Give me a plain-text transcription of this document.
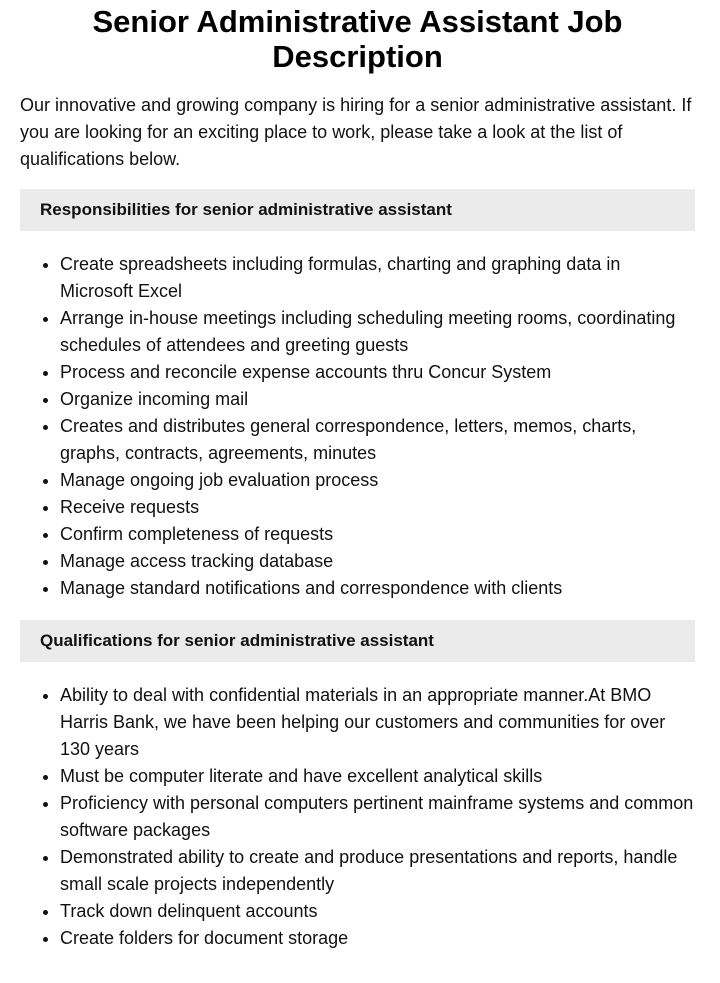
Senior Administrative Assistant Job Description

Our innovative and growing company is hiring for a senior administrative assistant. If you are looking for an exciting place to work, please take a look at the list of qualifications below.

Responsibilities for senior administrative assistant
• Create spreadsheets including formulas, charting and graphing data in Microsoft Excel
• Arrange in-house meetings including scheduling meeting rooms, coordinating schedules of attendees and greeting guests
• Process and reconcile expense accounts thru Concur System
• Organize incoming mail
• Creates and distributes general correspondence, letters, memos, charts, graphs, contracts, agreements, minutes
• Manage ongoing job evaluation process
• Receive requests
• Confirm completeness of requests
• Manage access tracking database
• Manage standard notifications and correspondence with clients
Qualifications for senior administrative assistant
• Ability to deal with confidential materials in an appropriate manner.At BMO Harris Bank, we have been helping our customers and communities for over 130 years
• Must be computer literate and have excellent analytical skills
• Proficiency with personal computers pertinent mainframe systems and common software packages
• Demonstrated ability to create and produce presentations and reports, handle small scale projects independently
• Track down delinquent accounts
• Create folders for document storage
